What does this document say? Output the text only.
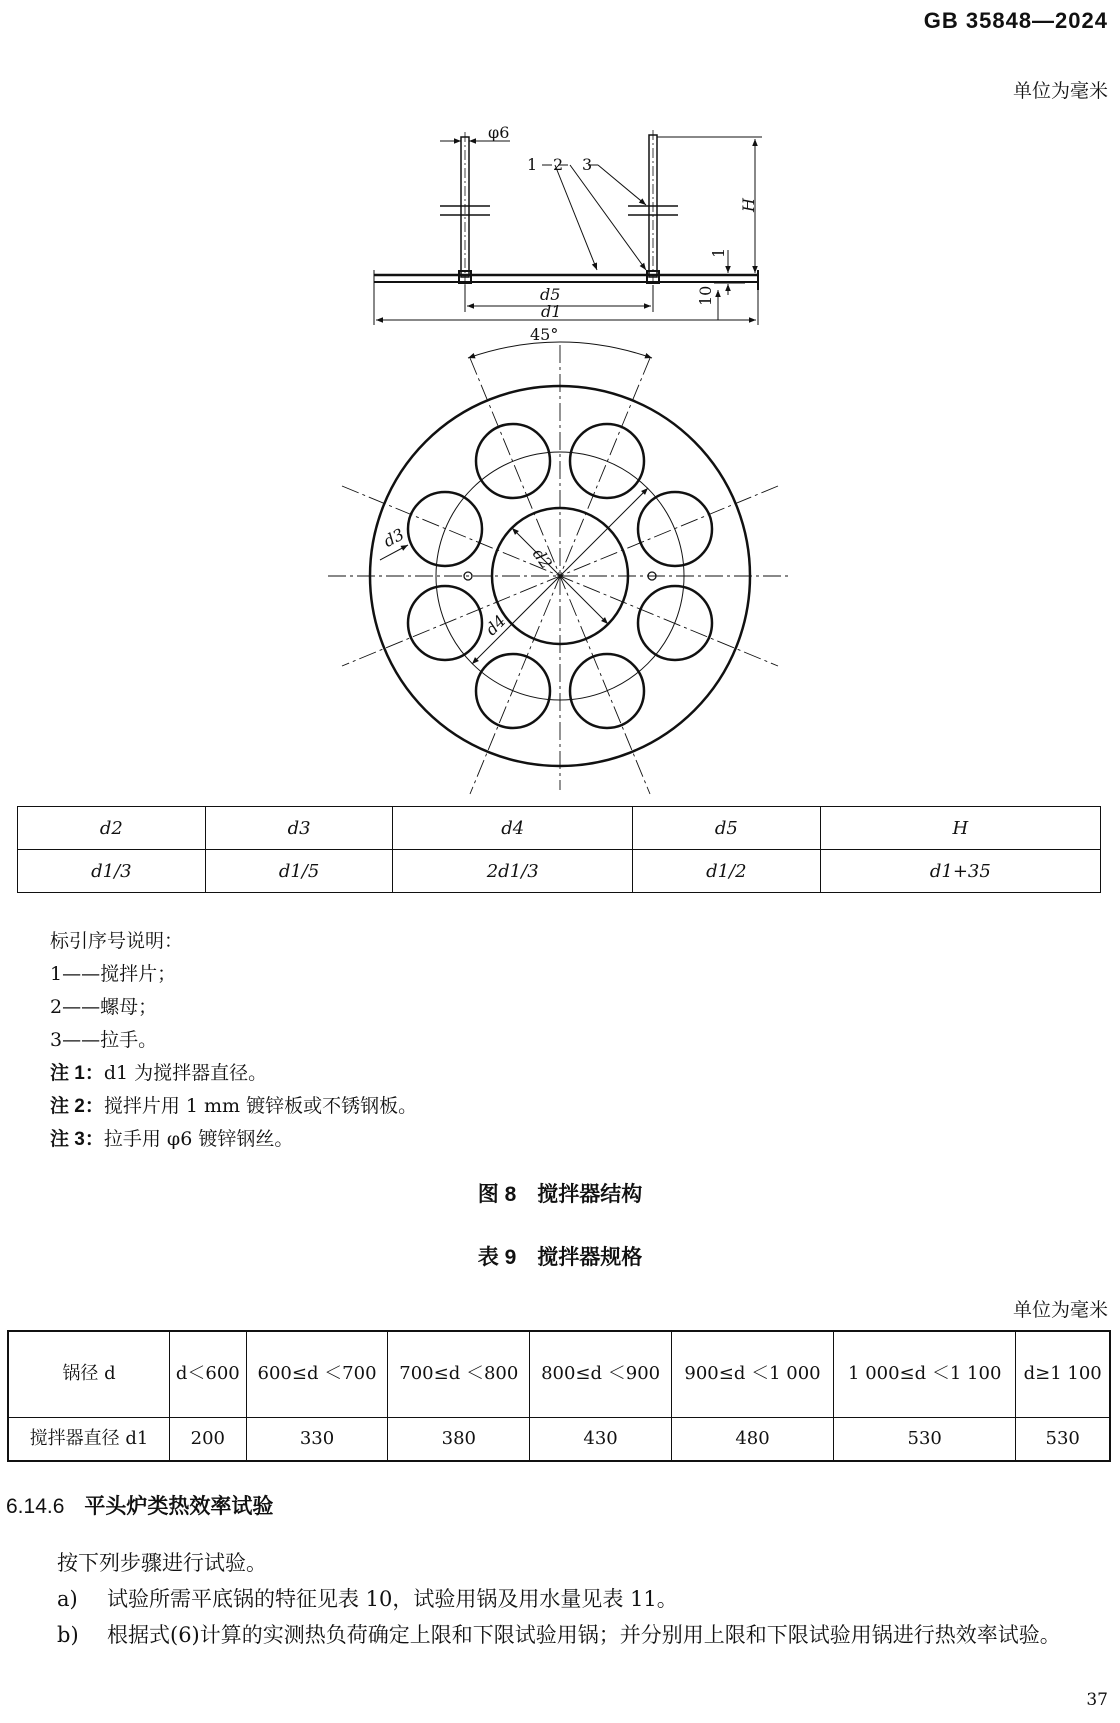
GB 35848—2024
单位为毫米
φ6
1 2 3
H
1
10
d5
d1
45°
d2
d3
d4
d2	d3	d4	d5	H
d1/3	d1/5	2d1/3	d1/2	d1+35
标引序号说明：
1——搅拌片；
2——螺母；
3——拉手。
注 1：d1 为搅拌器直径。
注 2：搅拌片用 1 mm 镀锌板或不锈钢板。
注 3：拉手用 φ6 镀锌钢丝。
图 8　搅拌器结构
表 9　搅拌器规格
单位为毫米
锅径 d	d＜600	600≤d ＜700	700≤d ＜800	800≤d ＜900	900≤d ＜1 000	1 000≤d ＜1 100	d≥1 100
搅拌器直径 d1	200	330	380	430	480	530	530
6.14.6 平头炉类热效率试验
按下列步骤进行试验。
a)	试验所需平底锅的特征见表 10，试验用锅及用水量见表 11。
b)	根据式(6)计算的实测热负荷确定上限和下限试验用锅；并分别用上限和下限试验用锅进行热效率试验。
37
